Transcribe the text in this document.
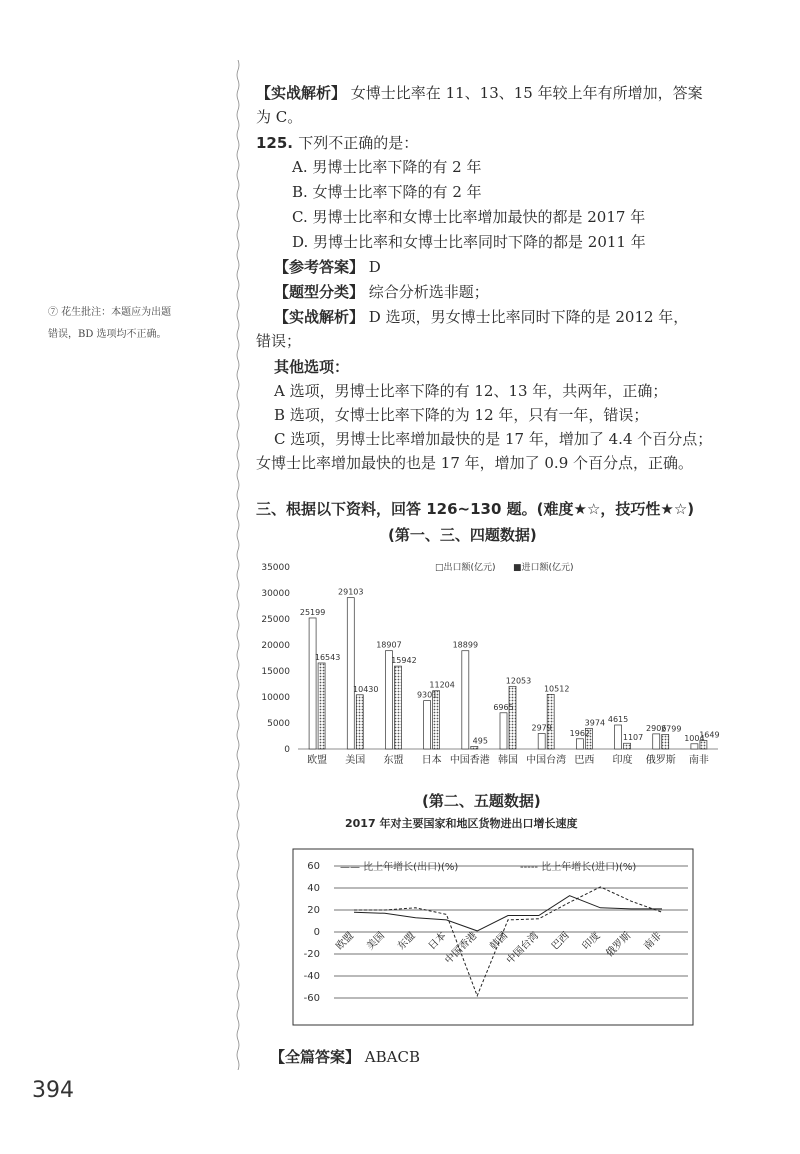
【实战解析】 女博士比率在 11、13、15 年较上年有所增加，答案
为 C。
125. 下列不正确的是：
A. 男博士比率下降的有 2 年
B. 女博士比率下降的有 2 年
C. 男博士比率和女博士比率增加最快的都是 2017 年
D. 男博士比率和女博士比率同时下降的都是 2011 年
【参考答案】 D
【题型分类】 综合分析选非题；
【实战解析】 D 选项，男女博士比率同时下降的是 2012 年，
错误；
其他选项：
A 选项，男博士比率下降的有 12、13 年，共两年，正确；
B 选项，女博士比率下降的为 12 年，只有一年，错误；
C 选项，男博士比率增加最快的是 17 年，增加了 4.4 个百分点；
女博士比率增加最快的也是 17 年，增加了 0.9 个百分点，正确。
⑦ 花生批注：本题应为出题
错误，BD 选项均不正确。
三、根据以下资料，回答 126~130 题。(难度★☆，技巧性★☆)
(第一、三、四题数据)
35000
30000
25000
20000
15000
10000
5000
0
□出口额(亿元) ■进口额(亿元)
25199
16543
欧盟
29103
10430
美国
18907
15942
东盟
9301
11204
日本
18899
495
中国香港
6965
12053
韩国
2979
10512
中国台湾
1962
3974
巴西
4615
1107
印度
2906
2799
俄罗斯
1004
1649
南非
(第二、五题数据)
2017 年对主要国家和地区货物进出口增长速度
60
40
20
0
-20
-40
-60
—— 比上年增长(出口)(%)	----- 比上年增长(进口)(%)
欧盟 美国 东盟 日本
中国香港 韩国
中国台湾 巴西 印度 俄罗斯 南非
【全篇答案】 ABACB
394
